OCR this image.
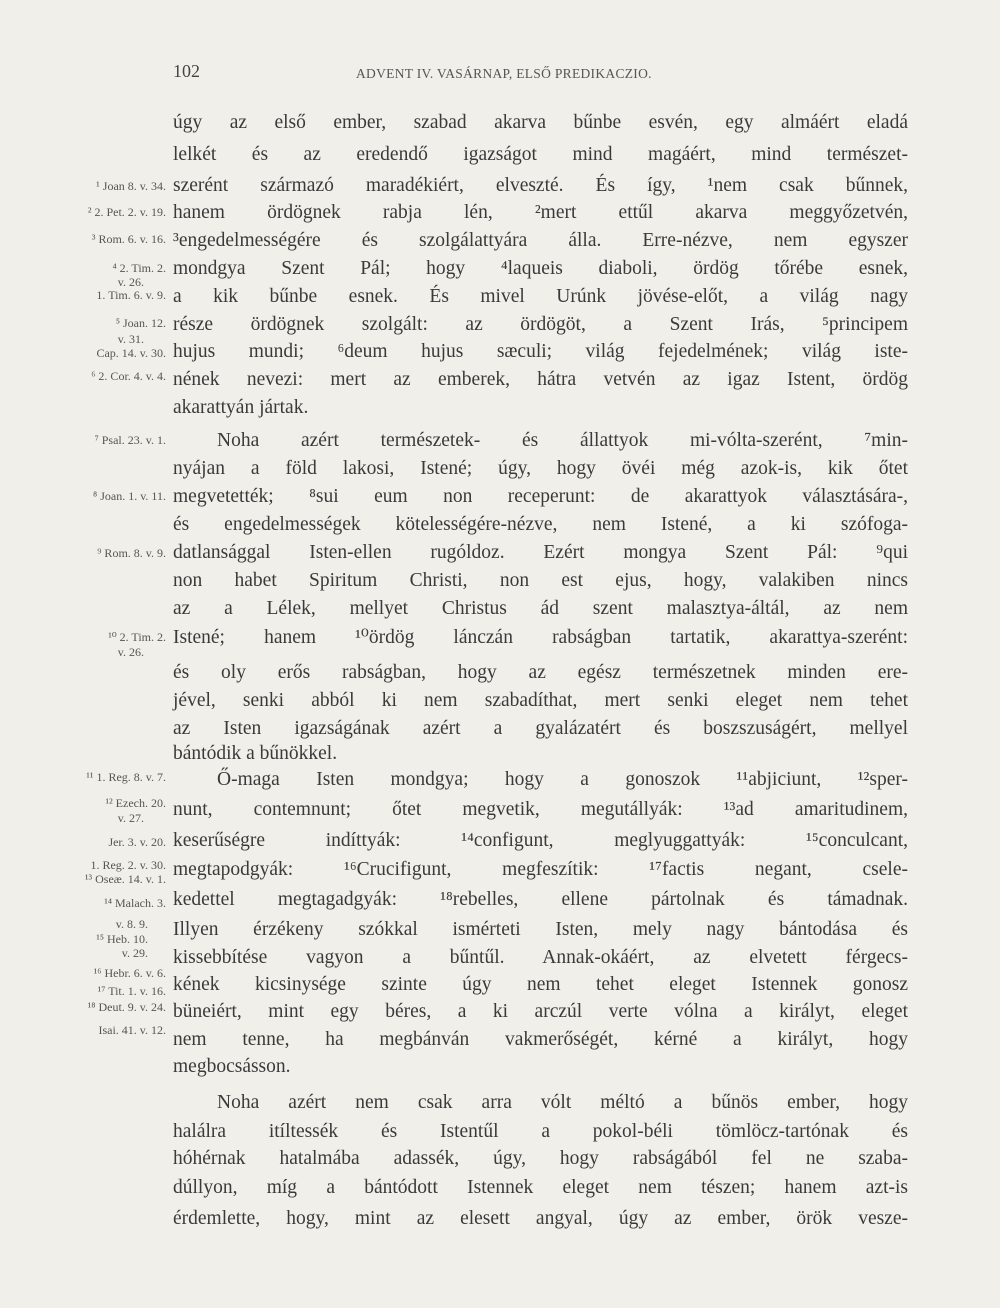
102	ADVENT IV. VASÁRNAP, ELSŐ PREDIKACZIO.
¹ Joan 8. v. 34.
² 2. Pet. 2. v. 19.
³ Rom. 6. v. 16.
⁴ 2. Tim. 2.
v. 26.
1. Tim. 6. v. 9.
⁵ Joan. 12.
v. 31.
Cap. 14. v. 30.
⁶ 2. Cor. 4. v. 4.
⁷ Psal. 23. v. 1.
⁸ Joan. 1. v. 11.
⁹ Rom. 8. v. 9.
¹⁰ 2. Tim. 2.
v. 26.
¹¹ 1. Reg. 8. v. 7.
¹² Ezech. 20.
v. 27.
Jer. 3. v. 20.
1. Reg. 2. v. 30.
¹³ Oseæ. 14. v. 1.
¹⁴ Malach. 3.
v. 8. 9.
¹⁵ Heb. 10.
v. 29.
¹⁶ Hebr. 6. v. 6.
¹⁷ Tit. 1. v. 16.
¹⁸ Deut. 9. v. 24.
Isai. 41. v. 12.
úgy az első ember, szabad akarva bűnbe esvén, egy almáért eladá
lelkét és az eredendő igazságot mind magáért, mind természet-
szerént származó maradékiért, elveszté. És így, ¹nem csak bűnnek,
hanem ördögnek rabja lén, ²mert ettűl akarva meggyőzetvén,
³engedelmességére és szolgálattyára álla. Erre-nézve, nem egyszer
mondgya Szent Pál; hogy ⁴laqueis diaboli, ördög tőrébe esnek,
a kik bűnbe esnek. És mivel Urúnk jövése-előt, a világ nagy
része ördögnek szolgált: az ördögöt, a Szent Irás, ⁵principem
hujus mundi; ⁶deum hujus sæculi; világ fejedelmének; világ iste-
nének nevezi: mert az emberek, hátra vetvén az igaz Istent, ördög
akarattyán jártak.
Noha azért természetek- és állattyok mi-vólta-szerént, ⁷min-
nyájan a föld lakosi, Istené; úgy, hogy övéi még azok-is, kik őtet
megvetették; ⁸sui eum non receperunt: de akarattyok választására-,
és engedelmességek kötelességére-nézve, nem Istené, a ki szófoga-
datlansággal Isten-ellen rugóldoz. Ezért mongya Szent Pál: ⁹qui
non habet Spiritum Christi, non est ejus, hogy, valakiben nincs
az a Lélek, mellyet Christus ád szent malasztya-áltál, az nem
Istené; hanem ¹⁰ördög lánczán rabságban tartatik, akarattya-szerént:
és oly erős rabságban, hogy az egész természetnek minden ere-
jével, senki abból ki nem szabadíthat, mert senki eleget nem tehet
az Isten igazságának azért a gyalázatért és boszszuságért, mellyel
bántódik a bűnökkel.
Ő-maga Isten mondgya; hogy a gonoszok ¹¹abjiciunt, ¹²sper-
nunt, contemnunt; őtet megvetik, megutállyák: ¹³ad amaritudinem,
keserűségre indíttyák: ¹⁴configunt, meglyuggattyák: ¹⁵conculcant,
megtapodgyák: ¹⁶Crucifigunt, megfeszítik: ¹⁷factis negant, csele-
kedettel megtagadgyák: ¹⁸rebelles, ellene pártolnak és támadnak.
Illyen érzékeny szókkal ismérteti Isten, mely nagy bántodása és
kissebbítése vagyon a bűntűl. Annak-okáért, az elvetett férgecs-
kének kicsinysége szinte úgy nem tehet eleget Istennek gonosz
büneiért, mint egy béres, a ki arczúl verte vólna a királyt, eleget
nem tenne, ha megbánván vakmerőségét, kérné a királyt, hogy
megbocsásson.
Noha azért nem csak arra vólt méltó a bűnös ember, hogy
halálra itíltessék és Istentűl a pokol-béli tömlöcz-tartónak és
hóhérnak hatalmába adassék, úgy, hogy rabságából fel ne szaba-
dúllyon, míg a bántódott Istennek eleget nem tészen; hanem azt-is
érdemlette, hogy, mint az elesett angyal, úgy az ember, örök vesze-
